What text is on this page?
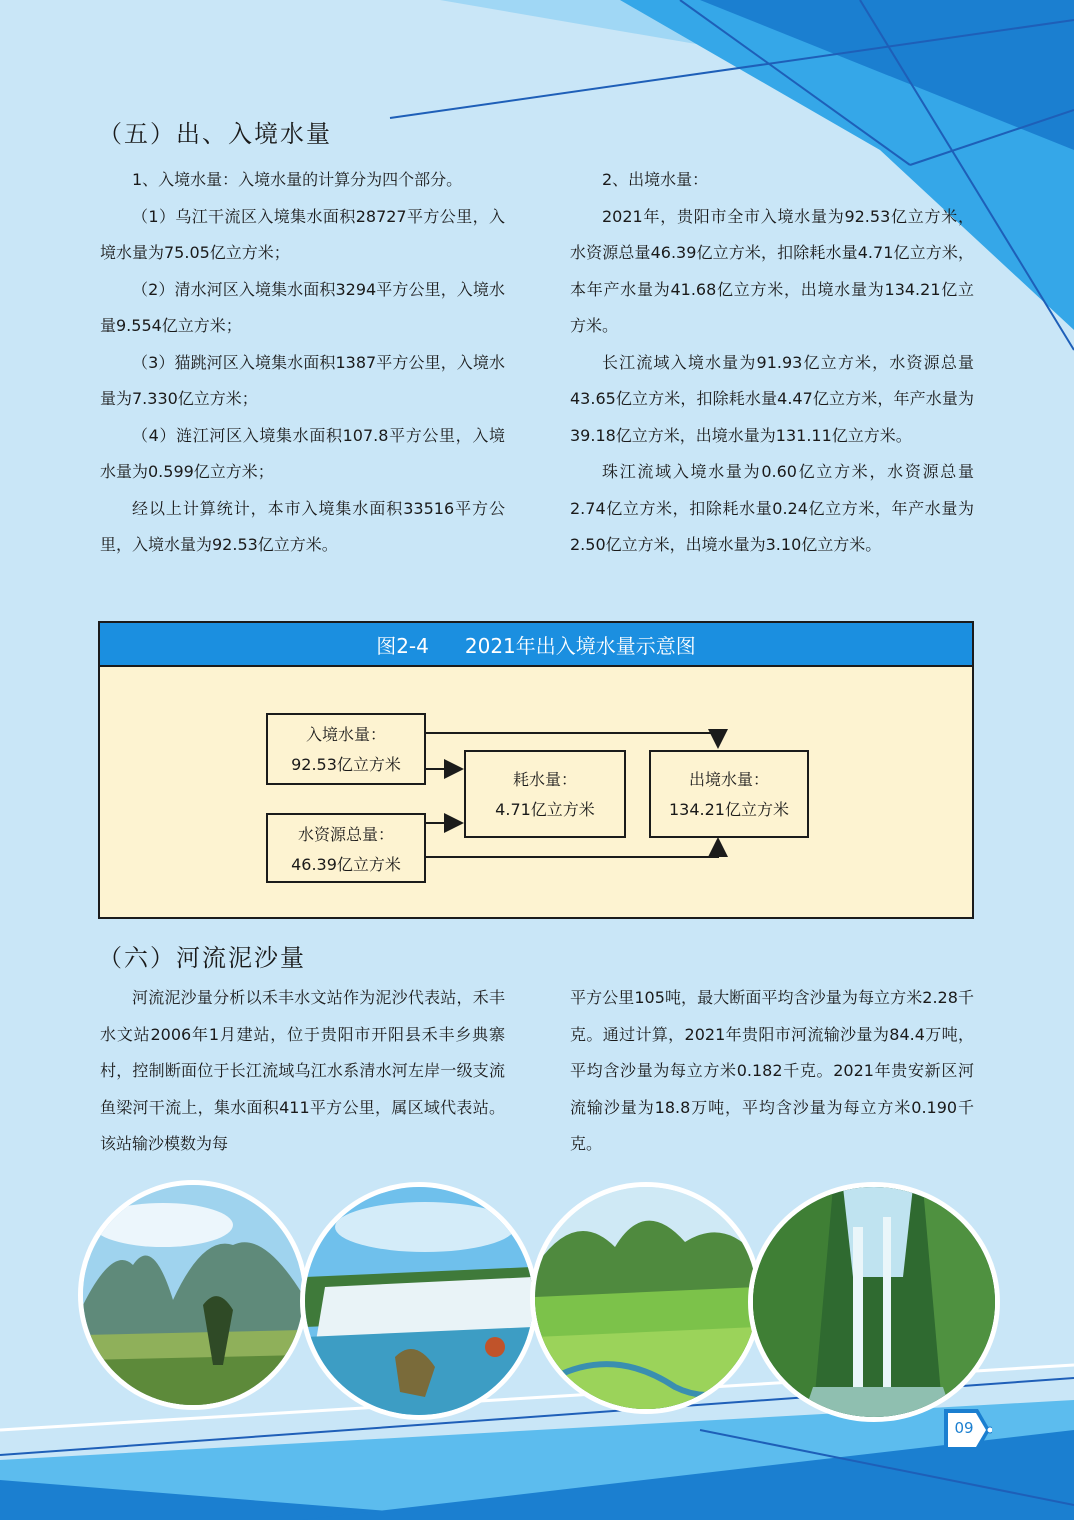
（五）出、入境水量

1、入境水量：入境水量的计算分为四个部分。

（1）乌江干流区入境集水面积28727平方公里，入境水量为75.05亿立方米；

（2）清水河区入境集水面积3294平方公里，入境水量9.554亿立方米；

（3）猫跳河区入境集水面积1387平方公里，入境水量为7.330亿立方米；

（4）涟江河区入境集水面积107.8平方公里，入境水量为0.599亿立方米；

经以上计算统计，本市入境集水面积33516平方公里，入境水量为92.53亿立方米。

2、出境水量：

2021年，贵阳市全市入境水量为92.53亿立方米，水资源总量46.39亿立方米，扣除耗水量4.71亿立方米，本年产水量为41.68亿立方米，出境水量为134.21亿立方米。

长江流域入境水量为91.93亿立方米，水资源总量43.65亿立方米，扣除耗水量4.47亿立方米，年产水量为39.18亿立方米，出境水量为131.11亿立方米。

珠江流域入境水量为0.60亿立方米，水资源总量2.74亿立方米，扣除耗水量0.24亿立方米，年产水量为2.50亿立方米，出境水量为3.10亿立方米。

图2-4 2021年出入境水量示意图
入境水量：
92.53亿立方米
水资源总量：
46.39亿立方米
耗水量：
4.71亿立方米
出境水量：
134.21亿立方米
（六）河流泥沙量

河流泥沙量分析以禾丰水文站作为泥沙代表站，禾丰水文站2006年1月建站，位于贵阳市开阳县禾丰乡典寨村，控制断面位于长江流域乌江水系清水河左岸一级支流鱼梁河干流上，集水面积411平方公里，属区域代表站。该站输沙模数为每

平方公里105吨，最大断面平均含沙量为每立方米2.28千克。通过计算，2021年贵阳市河流输沙量为84.4万吨，平均含沙量为每立方米0.182千克。2021年贵安新区河流输沙量为18.8万吨，平均含沙量为每立方米0.190千克。

09
